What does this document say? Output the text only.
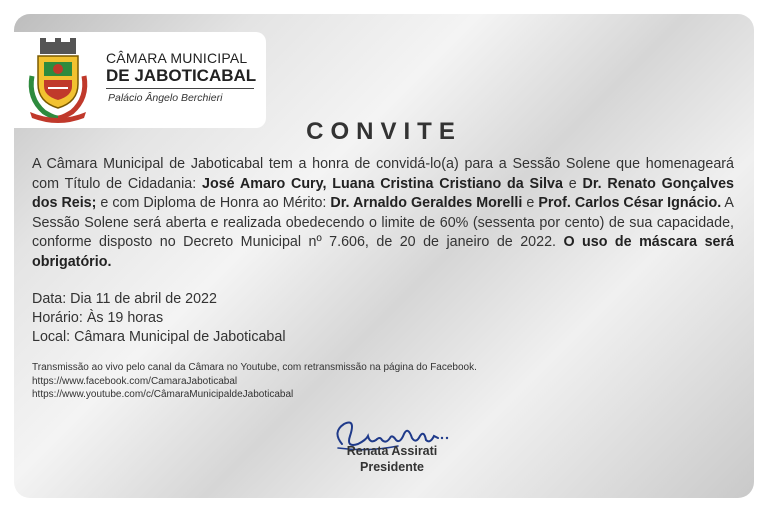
CÂMARA MUNICIPAL
DE JABOTICABAL
Palácio Ângelo Berchieri
CONVITE
A Câmara Municipal de Jaboticabal tem a honra de convidá-lo(a) para a Sessão Solene que homenageará com Título de Cidadania: José Amaro Cury, Luana Cristina Cristiano da Silva e Dr. Renato Gonçalves dos Reis; e com Diploma de Honra ao Mérito: Dr. Arnaldo Geraldes Morelli e Prof. Carlos César Ignácio. A Sessão Solene será aberta e realizada obedecendo o limite de 60% (sessenta por cento) de sua capacidade, conforme disposto no Decreto Municipal nº 7.606, de 20 de janeiro de 2022. O uso de máscara será obrigatório.
Data: Dia 11 de abril de 2022
Horário: Às 19 horas
Local: Câmara Municipal de Jaboticabal
Transmissão ao vivo pelo canal da Câmara no Youtube, com retransmissão na página do Facebook.
https://www.facebook.com/CamaraJaboticabal
https://www.youtube.com/c/CâmaraMunicipaldeJaboticabal
Renata Assirati
Presidente
